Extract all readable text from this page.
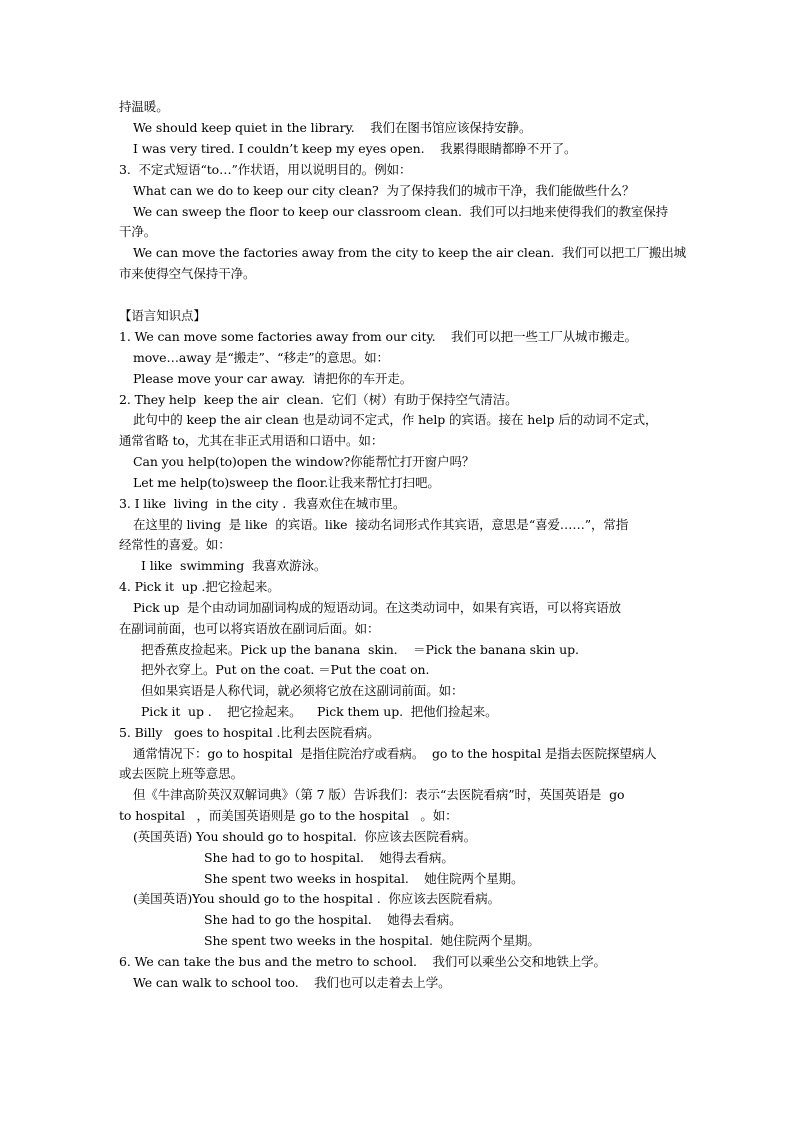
持温暖。
We should keep quiet in the library.    我们在图书馆应该保持安静。
I was very tired. I couldn’t keep my eyes open.    我累得眼睛都睁不开了。
3.  不定式短语“to…”作状语，用以说明目的。例如：
What can we do to keep our city clean?  为了保持我们的城市干净，我们能做些什么？
We can sweep the floor to keep our classroom clean.  我们可以扫地来使得我们的教室保持
干净。
We can move the factories away from the city to keep the air clean.  我们可以把工厂搬出城
市来使得空气保持干净。
【语言知识点】
1. We can move some factories away from our city.    我们可以把一些工厂从城市搬走。
move…away 是“搬走”、“移走”的意思。如：
Please move your car away.  请把你的车开走。
2. They help  keep the air  clean.  它们（树）有助于保持空气清洁。
此句中的 keep the air clean 也是动词不定式，作 help 的宾语。接在 help 后的动词不定式，
通常省略 to，尤其在非正式用语和口语中。如：
Can you help(to)open the window?你能帮忙打开窗户吗？
Let me help(to)sweep the floor.让我来帮忙打扫吧。
3. I like  living  in the city .  我喜欢住在城市里。
在这里的 living  是 like  的宾语。like  接动名词形式作其宾语，意思是“喜爱……”，常指
经常性的喜爱。如：
I like  swimming  我喜欢游泳。
4. Pick it  up .把它捡起来。
Pick up  是个由动词加副词构成的短语动词。在这类动词中，如果有宾语，可以将宾语放
在副词前面，也可以将宾语放在副词后面。如：
把香蕉皮捡起来。Pick up the banana  skin.    ＝Pick the banana skin up.
把外衣穿上。Put on the coat. ＝Put the coat on.
但如果宾语是人称代词，就必须将它放在这副词前面。如：
Pick it  up .    把它捡起来。    Pick them up.  把他们捡起来。
5. Billy   goes to hospital .比利去医院看病。
通常情况下：go to hospital  是指住院治疗或看病。  go to the hospital 是指去医院探望病人
或去医院上班等意思。
但《牛津高阶英汉双解词典》（第 7 版）告诉我们：表示“去医院看病”时，英国英语是  go
to hospital   ，而美国英语则是 go to the hospital   。如：
(英国英语) You should go to hospital.  你应该去医院看病。
She had to go to hospital.    她得去看病。
She spent two weeks in hospital.    她住院两个星期。
(美国英语)You should go to the hospital .  你应该去医院看病。
She had to go the hospital.    她得去看病。
She spent two weeks in the hospital.  她住院两个星期。
6. We can take the bus and the metro to school.    我们可以乘坐公交和地铁上学。
We can walk to school too.    我们也可以走着去上学。
